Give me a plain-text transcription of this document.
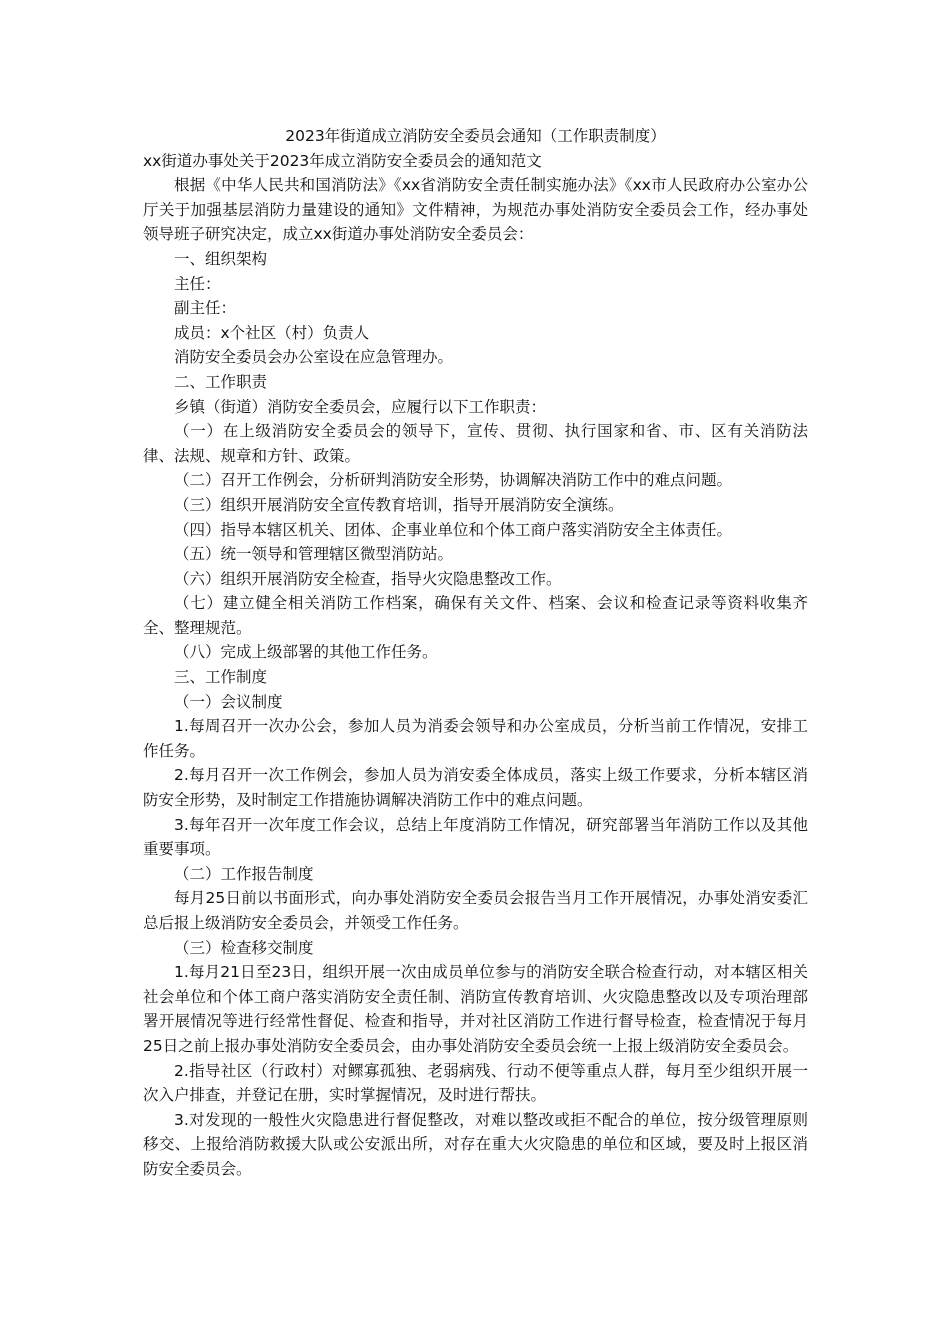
2023年街道成立消防安全委员会通知（工作职责制度）

xx街道办事处关于2023年成立消防安全委员会的通知范文

根据《中华人民共和国消防法》《xx省消防安全责任制实施办法》《xx市人民政府办公室办公厅关于加强基层消防力量建设的通知》文件精神，为规范办事处消防安全委员会工作，经办事处领导班子研究决定，成立xx街道办事处消防安全委员会：

一、组织架构

主任：

副主任：

成员：x个社区（村）负责人

消防安全委员会办公室设在应急管理办。

二、工作职责

乡镇（街道）消防安全委员会，应履行以下工作职责：

（一）在上级消防安全委员会的领导下，宣传、贯彻、执行国家和省、市、区有关消防法律、法规、规章和方针、政策。

（二）召开工作例会，分析研判消防安全形势，协调解决消防工作中的难点问题。

（三）组织开展消防安全宣传教育培训，指导开展消防安全演练。

（四）指导本辖区机关、团体、企事业单位和个体工商户落实消防安全主体责任。

（五）统一领导和管理辖区微型消防站。

（六）组织开展消防安全检查，指导火灾隐患整改工作。

（七）建立健全相关消防工作档案，确保有关文件、档案、会议和检查记录等资料收集齐全、整理规范。

（八）完成上级部署的其他工作任务。

三、工作制度

（一）会议制度

1.每周召开一次办公会，参加人员为消委会领导和办公室成员，分析当前工作情况，安排工作任务。

2.每月召开一次工作例会，参加人员为消安委全体成员，落实上级工作要求，分析本辖区消防安全形势，及时制定工作措施协调解决消防工作中的难点问题。

3.每年召开一次年度工作会议，总结上年度消防工作情况，研究部署当年消防工作以及其他重要事项。

（二）工作报告制度

每月25日前以书面形式，向办事处消防安全委员会报告当月工作开展情况，办事处消安委汇总后报上级消防安全委员会，并领受工作任务。

（三）检查移交制度

1.每月21日至23日，组织开展一次由成员单位参与的消防安全联合检查行动，对本辖区相关社会单位和个体工商户落实消防安全责任制、消防宣传教育培训、火灾隐患整改以及专项治理部署开展情况等进行经常性督促、检查和指导，并对社区消防工作进行督导检查，检查情况于每月25日之前上报办事处消防安全委员会，由办事处消防安全委员会统一上报上级消防安全委员会。

2.指导社区（行政村）对鳏寡孤独、老弱病残、行动不便等重点人群，每月至少组织开展一次入户排查，并登记在册，实时掌握情况，及时进行帮扶。

3.对发现的一般性火灾隐患进行督促整改，对难以整改或拒不配合的单位，按分级管理原则移交、上报给消防救援大队或公安派出所，对存在重大火灾隐患的单位和区域，要及时上报区消防安全委员会。
